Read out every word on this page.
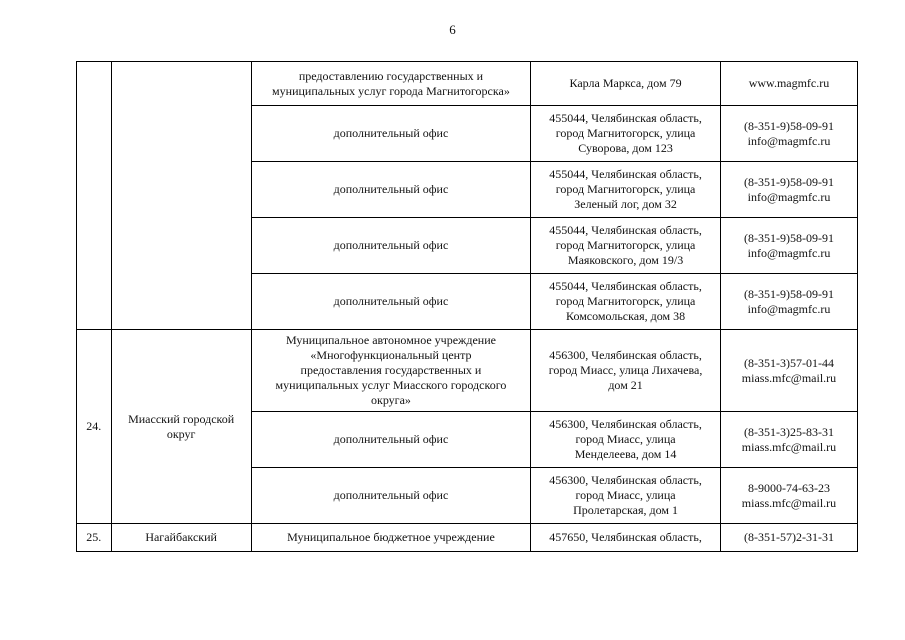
6
		предоставлению государственных и
муниципальных услуг города Магнитогорска»	Карла Маркса, дом 79	www.magmfc.ru
		дополнительный офис	455044, Челябинская область,
город Магнитогорск, улица
Суворова, дом 123	(8-351-9)58-09-91
info@magmfc.ru
		дополнительный офис	455044, Челябинская область,
город Магнитогорск, улица
Зеленый лог, дом 32	(8-351-9)58-09-91
info@magmfc.ru
		дополнительный офис	455044, Челябинская область,
город Магнитогорск, улица
Маяковского, дом 19/3	(8-351-9)58-09-91
info@magmfc.ru
		дополнительный офис	455044, Челябинская область,
город Магнитогорск, улица
Комсомольская, дом 38	(8-351-9)58-09-91
info@magmfc.ru
24.	Миасский городской
округ	Муниципальное автономное учреждение
«Многофункциональный центр
предоставления государственных и
муниципальных услуг Миасского городского
округа»	456300, Челябинская область,
город Миасс, улица Лихачева,
дом 21	(8-351-3)57-01-44
miass.mfc@mail.ru
		дополнительный офис	456300, Челябинская область,
город Миасс, улица
Менделеева, дом 14	(8-351-3)25-83-31
miass.mfc@mail.ru
		дополнительный офис	456300, Челябинская область,
город Миасс, улица
Пролетарская, дом 1	8-9000-74-63-23
miass.mfc@mail.ru
25.	Нагайбакский	Муниципальное бюджетное учреждение	457650, Челябинская область,	(8-351-57)2-31-31
